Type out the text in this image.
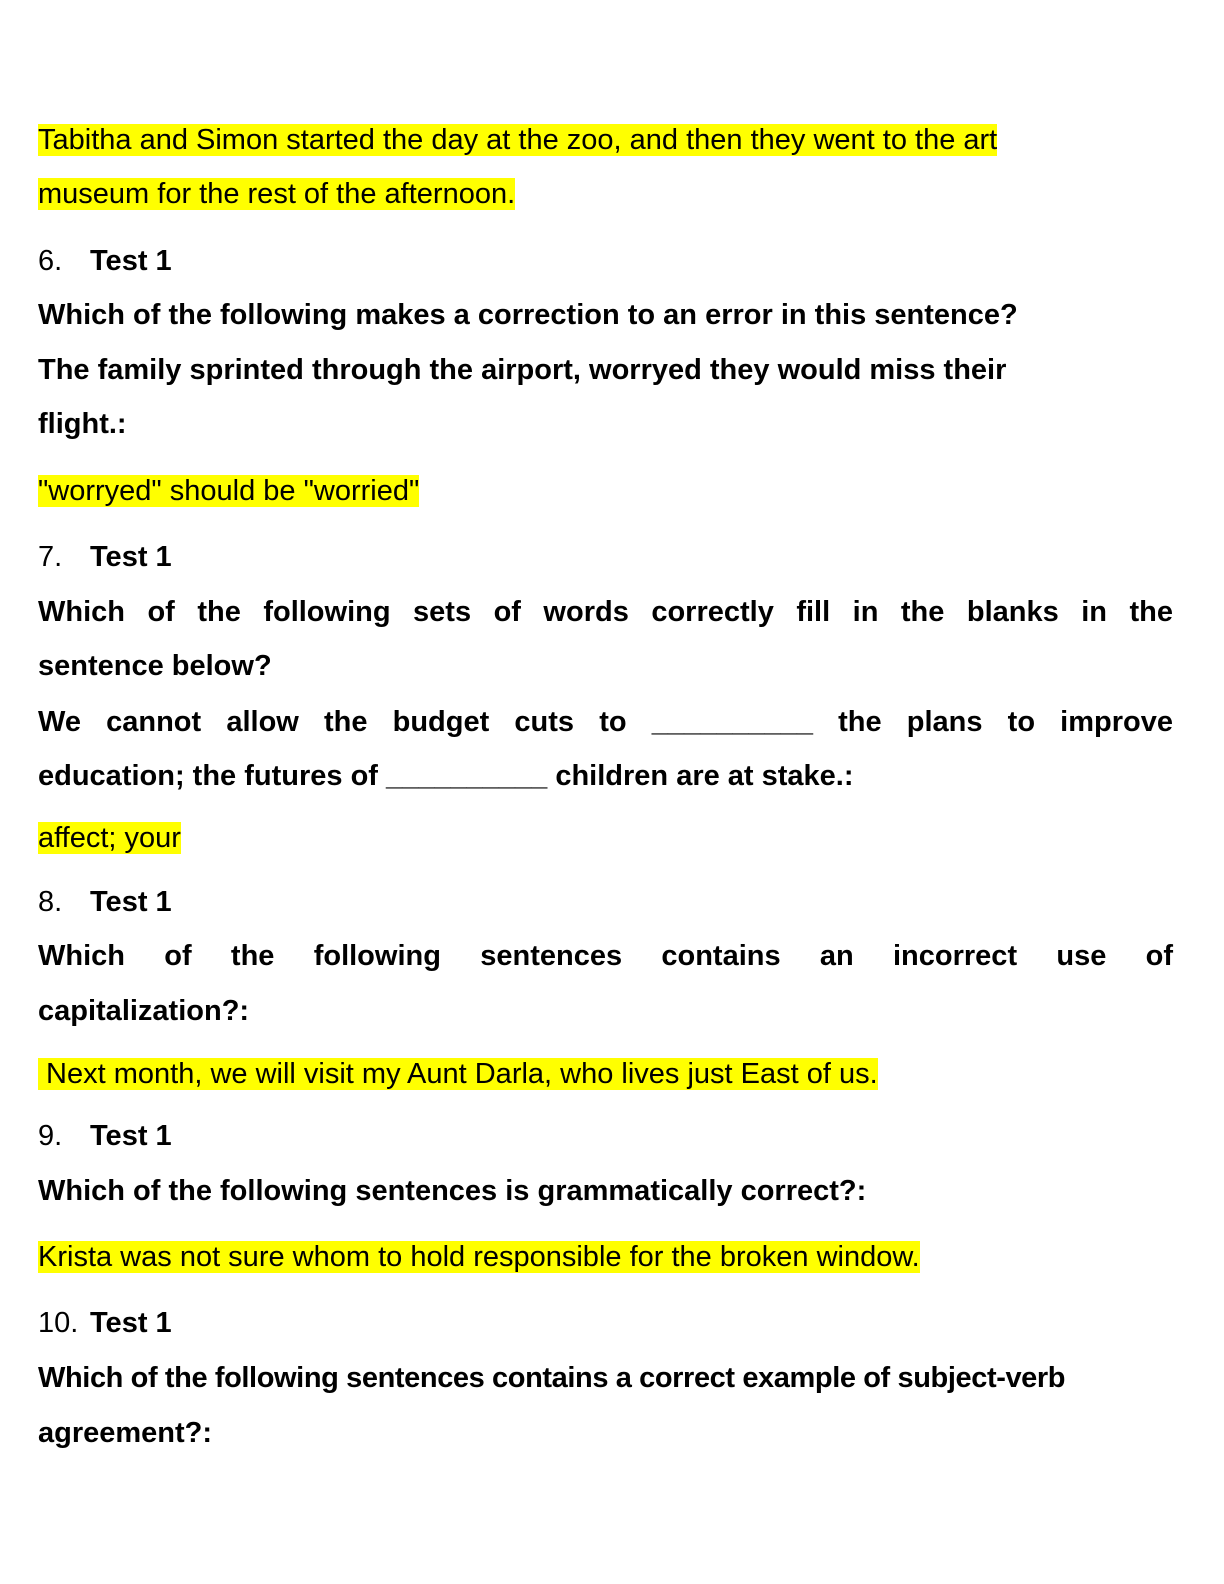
Tabitha and Simon started the day at the zoo, and then they went to the art
museum for the rest of the afternoon.
6. Test 1
Which of the following makes a correction to an error in this sentence?
The family sprinted through the airport, worryed they would miss their
flight.:
"worryed" should be "worried"
7. Test 1
Which of the following sets of words correctly fill in the blanks in the
sentence below?
We cannot allow the budget cuts to __________ the plans to improve
education; the futures of __________ children are at stake.:
affect; your
8. Test 1
Which of the following sentences contains an incorrect use of
capitalization?:
Next month, we will visit my Aunt Darla, who lives just East of us.
9. Test 1
Which of the following sentences is grammatically correct?:
Krista was not sure whom to hold responsible for the broken window.
10. Test 1
Which of the following sentences contains a correct example of subject-verb
agreement?:
